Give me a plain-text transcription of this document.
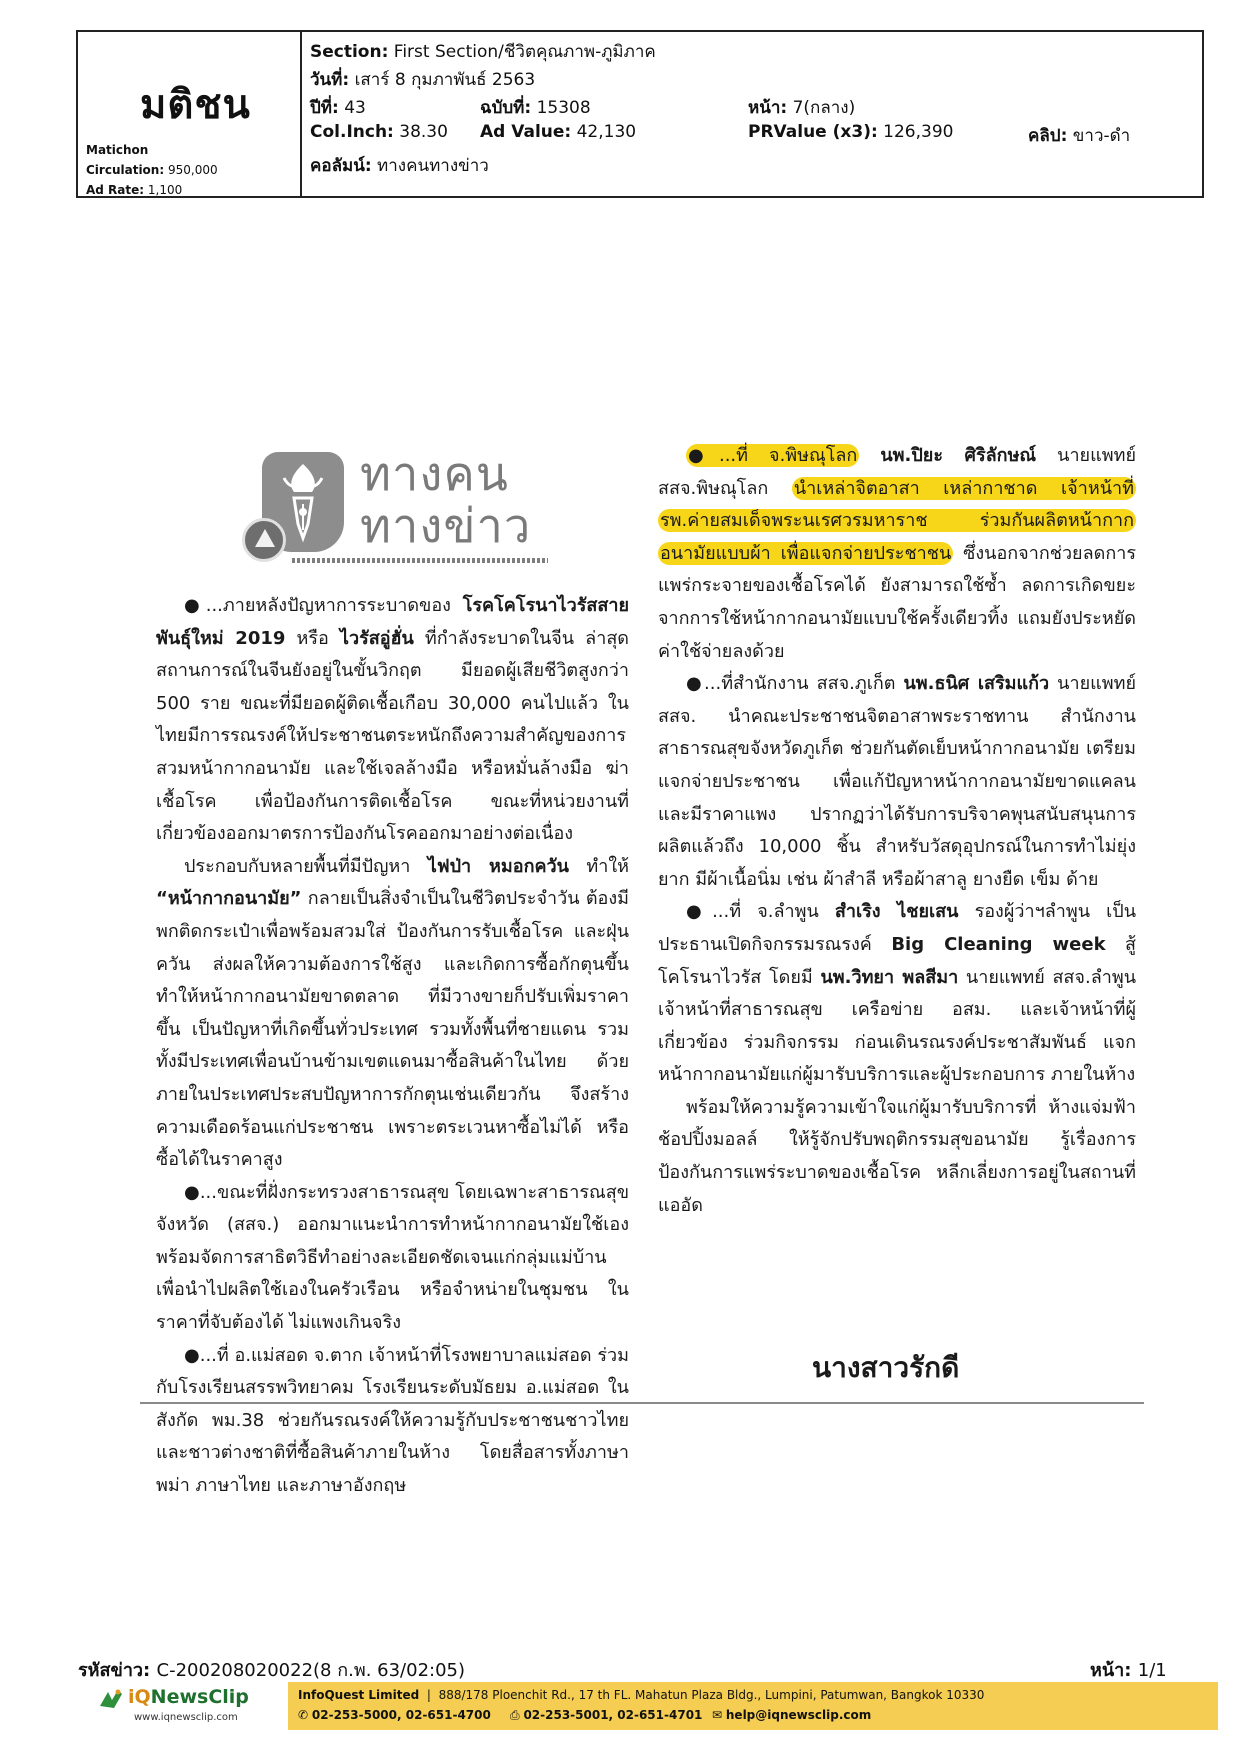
มติชน
Matichon
Circulation: 950,000
Ad Rate: 1,100
Section: First Section/ชีวิตคุณภาพ-ภูมิภาค
วันที่: เสาร์ 8 กุมภาพันธ์ 2563
ปีที่: 43	ฉบับที่: 15308	หน้า: 7(กลาง)
Col.Inch: 38.30 Ad Value: 42,130	PRValue (x3): 126,390	คลิป: ขาว-ดำ
คอลัมน์: ทางคนทางข่าว
ทางคน
ทางข่าว

●...ภายหลังปัญหาการระบาดของ โรคโคโรนาไวรัสสายพันธุ์ใหม่ 2019 หรือ ไวรัสอู่ฮั่น ที่กำลังระบาดในจีน ล่าสุด สถานการณ์ในจีนยังอยู่ในขั้นวิกฤต มียอดผู้เสียชีวิตสูงกว่า 500 ราย ขณะที่มียอดผู้ติดเชื้อเกือบ 30,000 คนไปแล้ว ในไทยมีการรณรงค์ให้ประชาชนตระหนักถึงความสำคัญของการสวมหน้ากากอนามัย และใช้เจลล้างมือ หรือหมั่นล้างมือ ฆ่าเชื้อโรค เพื่อป้องกันการติดเชื้อโรค ขณะที่หน่วยงานที่เกี่ยวข้องออกมาตรการป้องกันโรคออกมาอย่างต่อเนื่อง

ประกอบกับหลายพื้นที่มีปัญหา ไฟป่า หมอกควัน ทำให้ “หน้ากากอนามัย” กลายเป็นสิ่งจำเป็นในชีวิตประจำวัน ต้องมีพกติดกระเป๋าเพื่อพร้อมสวมใส่ ป้องกันการรับเชื้อโรค และฝุ่นควัน ส่งผลให้ความต้องการใช้สูง และเกิดการซื้อกักตุนขึ้น ทำให้หน้ากากอนามัยขาดตลาด ที่มีวางขายก็ปรับเพิ่มราคาขึ้น เป็นปัญหาที่เกิดขึ้นทั่วประเทศ รวมทั้งพื้นที่ชายแดน รวมทั้งมีประเทศเพื่อนบ้านข้ามเขตแดนมาซื้อสินค้าในไทย ด้วยภายในประเทศประสบปัญหาการกักตุนเช่นเดียวกัน จึงสร้างความเดือดร้อนแก่ประชาชน เพราะตระเวนหาซื้อไม่ได้ หรือซื้อได้ในราคาสูง

●...ขณะที่ฝั่งกระทรวงสาธารณสุข โดยเฉพาะสาธารณสุขจังหวัด (สสจ.) ออกมาแนะนำการทำหน้ากากอนามัยใช้เอง พร้อมจัดการสาธิตวิธีทำอย่างละเอียดชัดเจนแก่กลุ่มแม่บ้าน เพื่อนำไปผลิตใช้เองในครัวเรือน หรือจำหน่ายในชุมชน ในราคาที่จับต้องได้ ไม่แพงเกินจริง

●...ที่ อ.แม่สอด จ.ตาก เจ้าหน้าที่โรงพยาบาลแม่สอด ร่วมกับโรงเรียนสรรพวิทยาคม โรงเรียนระดับมัธยม อ.แม่สอด ในสังกัด พม.38 ช่วยกันรณรงค์ให้ความรู้กับประชาชนชาวไทยและชาวต่างชาติที่ซื้อสินค้าภายในห้าง โดยสื่อสารทั้งภาษาพม่า ภาษาไทย และภาษาอังกฤษ

●...ที่ จ.พิษณุโลก นพ.ปิยะ ศิริลักษณ์ นายแพทย์ สสจ.พิษณุโลก นำเหล่าจิตอาสา เหล่ากาชาด เจ้าหน้าที่ รพ.ค่ายสมเด็จพระนเรศวรมหาราช ร่วมกันผลิตหน้ากากอนามัยแบบผ้า เพื่อแจกจ่ายประชาชน ซึ่งนอกจากช่วยลดการแพร่กระจายของเชื้อโรคได้ ยังสามารถใช้ซ้ำ ลดการเกิดขยะจากการใช้หน้ากากอนามัยแบบใช้ครั้งเดียวทิ้ง แถมยังประหยัดค่าใช้จ่ายลงด้วย

●...ที่สำนักงาน สสจ.ภูเก็ต นพ.ธนิศ เสริมแก้ว นายแพทย์ สสจ. นำคณะประชาชนจิตอาสาพระราชทาน สำนักงานสาธารณสุขจังหวัดภูเก็ต ช่วยกันตัดเย็บหน้ากากอนามัย เตรียมแจกจ่ายประชาชน เพื่อแก้ปัญหาหน้ากากอนามัยขาดแคลนและมีราคาแพง ปรากฏว่าได้รับการบริจาคพุนสนับสนุนการผลิตแล้วถึง 10,000 ชิ้น สำหรับวัสดุอุปกรณ์ในการทำไม่ยุ่งยาก มีผ้าเนื้อนิ่ม เช่น ผ้าสำลี หรือผ้าสาลู ยางยืด เข็ม ด้าย

●...ที่ จ.ลำพูน สำเริง ไชยเสน รองผู้ว่าฯลำพูน เป็นประธานเปิดกิจกรรมรณรงค์ Big Cleaning week สู้โคโรนาไวรัส โดยมี นพ.วิทยา พลสีมา นายแพทย์ สสจ.ลำพูน เจ้าหน้าที่สาธารณสุข เครือข่าย อสม. และเจ้าหน้าที่ผู้เกี่ยวข้อง ร่วมกิจกรรม ก่อนเดินรณรงค์ประชาสัมพันธ์ แจกหน้ากากอนามัยแก่ผู้มารับบริการและผู้ประกอบการ ภายในห้าง

พร้อมให้ความรู้ความเข้าใจแก่ผู้มารับบริการที่ ห้างแจ่มฟ้า ช้อปปิ้งมอลล์ ให้รู้จักปรับพฤติกรรมสุขอนามัย รู้เรื่องการป้องกันการแพร่ระบาดของเชื้อโรค หลีกเลี่ยงการอยู่ในสถานที่แออัด

นางสาวรักดี
รหัสข่าว: C-200208020022(8 ก.พ. 63/02:05)	หน้า: 1/1
iQNewsClip
www.iqnewsclip.com
InfoQuest Limited  |  888/178 Ploenchit Rd., 17 th FL. Mahatun Plaza Bldg., Lumpini, Patumwan, Bangkok 10330
✆ 02-253-5000, 02-651-4700 ⎙ 02-253-5001, 02-651-4701 ✉ help@iqnewsclip.com
